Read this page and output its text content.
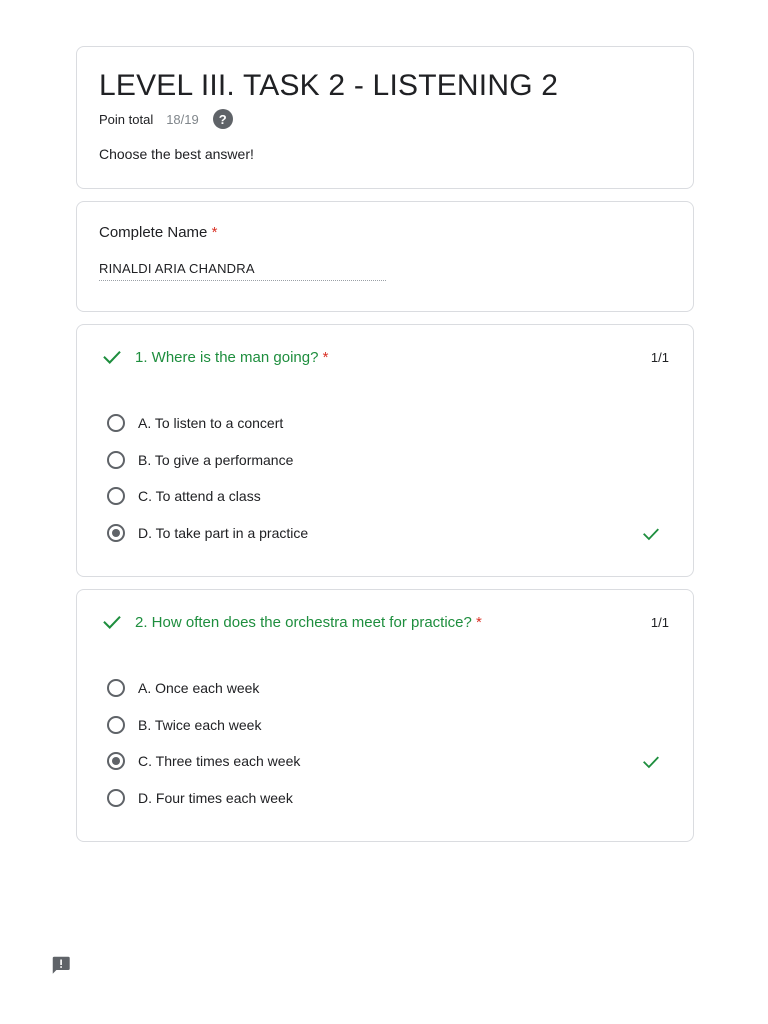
LEVEL III. TASK 2 - LISTENING 2
Poin total 18/19	?
Choose the best answer!
Complete Name *
RINALDI ARIA CHANDRA
1. Where is the man going? *	1/1
A. To listen to a concert
B. To give a performance
C. To attend a class
D. To take part in a practice
2. How often does the orchestra meet for practice? *	1/1
A. Once each week
B. Twice each week
C. Three times each week
D. Four times each week
